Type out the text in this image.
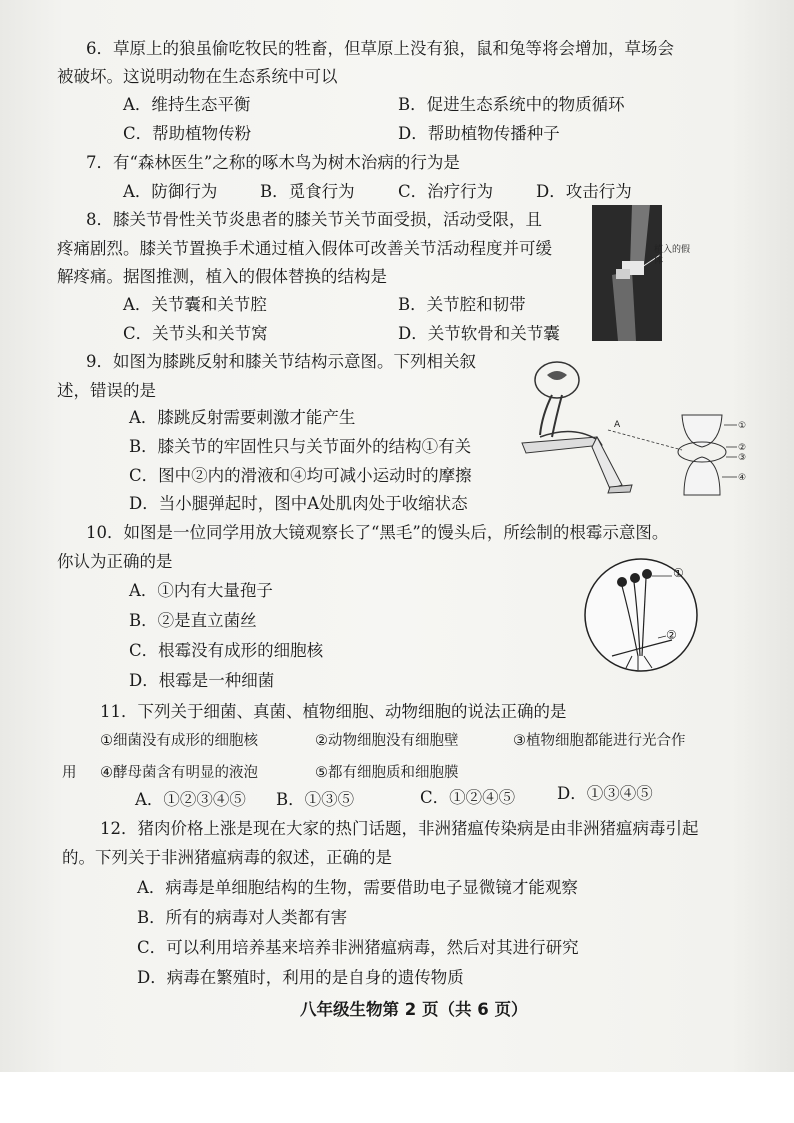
6．草原上的狼虽偷吃牧民的牲畜，但草原上没有狼，鼠和兔等将会增加，草场会
被破坏。这说明动物在生态系统中可以
A．维持生态平衡	B．促进生态系统中的物质循环
C．帮助植物传粉	D．帮助植物传播种子
7．有“森林医生”之称的啄木鸟为树木治病的行为是
A．防御行为	B．觅食行为	C．治疗行为	D．攻击行为
8．膝关节骨性关节炎患者的膝关节关节面受损，活动受限，且
疼痛剧烈。膝关节置换手术通过植入假体可改善关节活动程度并可缓
解疼痛。据图推测，植入的假体替换的结构是
A．关节囊和关节腔	B．关节腔和韧带
C．关节头和关节窝	D．关节软骨和关节囊
植入的假体
9．如图为膝跳反射和膝关节结构示意图。下列相关叙
述，错误的是
A．膝跳反射需要刺激才能产生
B．膝关节的牢固性只与关节面外的结构①有关
C．图中②内的滑液和④均可减小运动时的摩擦
D．当小腿弹起时，图中A处肌肉处于收缩状态
A	①
②
③
④
10．如图是一位同学用放大镜观察长了“黑毛”的馒头后，所绘制的根霉示意图。
你认为正确的是
A．①内有大量孢子
B．②是直立菌丝
C．根霉没有成形的细胞核
D．根霉是一种细菌
①
②
11．下列关于细菌、真菌、植物细胞、动物细胞的说法正确的是
①细菌没有成形的细胞核	②动物细胞没有细胞壁	③植物细胞都能进行光合作
用 ④酵母菌含有明显的液泡	⑤都有细胞质和细胞膜
A．①②③④⑤ B．①③⑤	C．①②④⑤	D．①③④⑤
12．猪肉价格上涨是现在大家的热门话题，非洲猪瘟传染病是由非洲猪瘟病毒引起
的。下列关于非洲猪瘟病毒的叙述，正确的是
A．病毒是单细胞结构的生物，需要借助电子显微镜才能观察
B．所有的病毒对人类都有害
C．可以利用培养基来培养非洲猪瘟病毒，然后对其进行研究
D．病毒在繁殖时，利用的是自身的遗传物质
八年级生物第 2 页（共 6 页）
